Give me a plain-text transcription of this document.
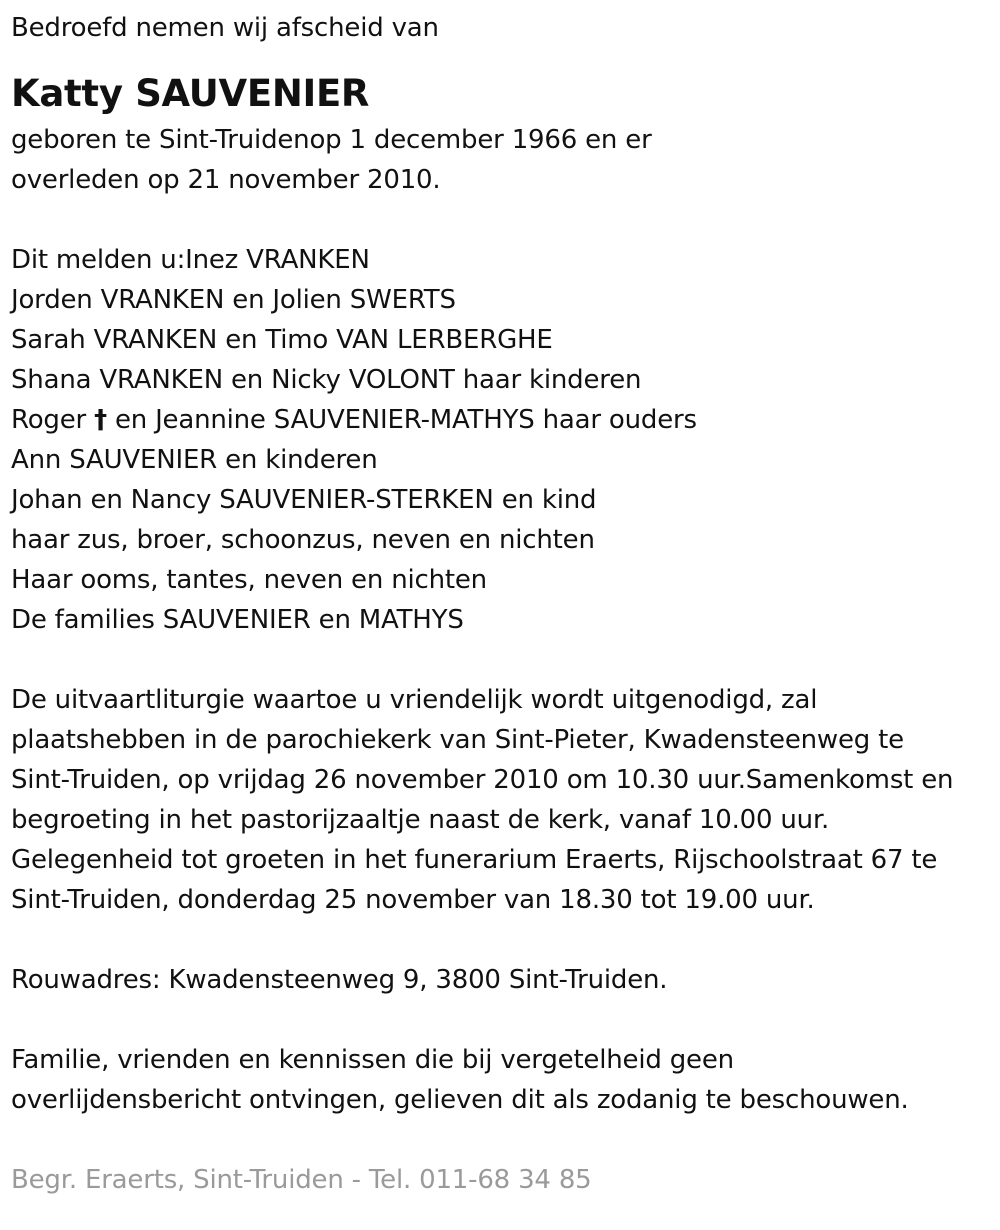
Bedroefd nemen wij afscheid van
Katty SAUVENIER
geboren te Sint-Truidenop 1 december 1966 en er
overleden op 21 november 2010.
Dit melden u:Inez VRANKEN
Jorden VRANKEN en Jolien SWERTS
Sarah VRANKEN en Timo VAN LERBERGHE
Shana VRANKEN en Nicky VOLONT haar kinderen
Roger † en Jeannine SAUVENIER-MATHYS haar ouders
Ann SAUVENIER en kinderen
Johan en Nancy SAUVENIER-STERKEN en kind
haar zus, broer, schoonzus, neven en nichten
Haar ooms, tantes, neven en nichten
De families SAUVENIER en MATHYS
De uitvaartliturgie waartoe u vriendelijk wordt uitgenodigd, zal
plaatshebben in de parochiekerk van Sint-Pieter, Kwadensteenweg te
Sint-Truiden, op vrijdag 26 november 2010 om 10.30 uur.Samenkomst en
begroeting in het pastorijzaaltje naast de kerk, vanaf 10.00 uur.
Gelegenheid tot groeten in het funerarium Eraerts, Rijschoolstraat 67 te
Sint-Truiden, donderdag 25 november van 18.30 tot 19.00 uur.
Rouwadres: Kwadensteenweg 9, 3800 Sint-Truiden.
Familie, vrienden en kennissen die bij vergetelheid geen
overlijdensbericht ontvingen, gelieven dit als zodanig te beschouwen.
Begr. Eraerts, Sint-Truiden - Tel. 011-68 34 85
